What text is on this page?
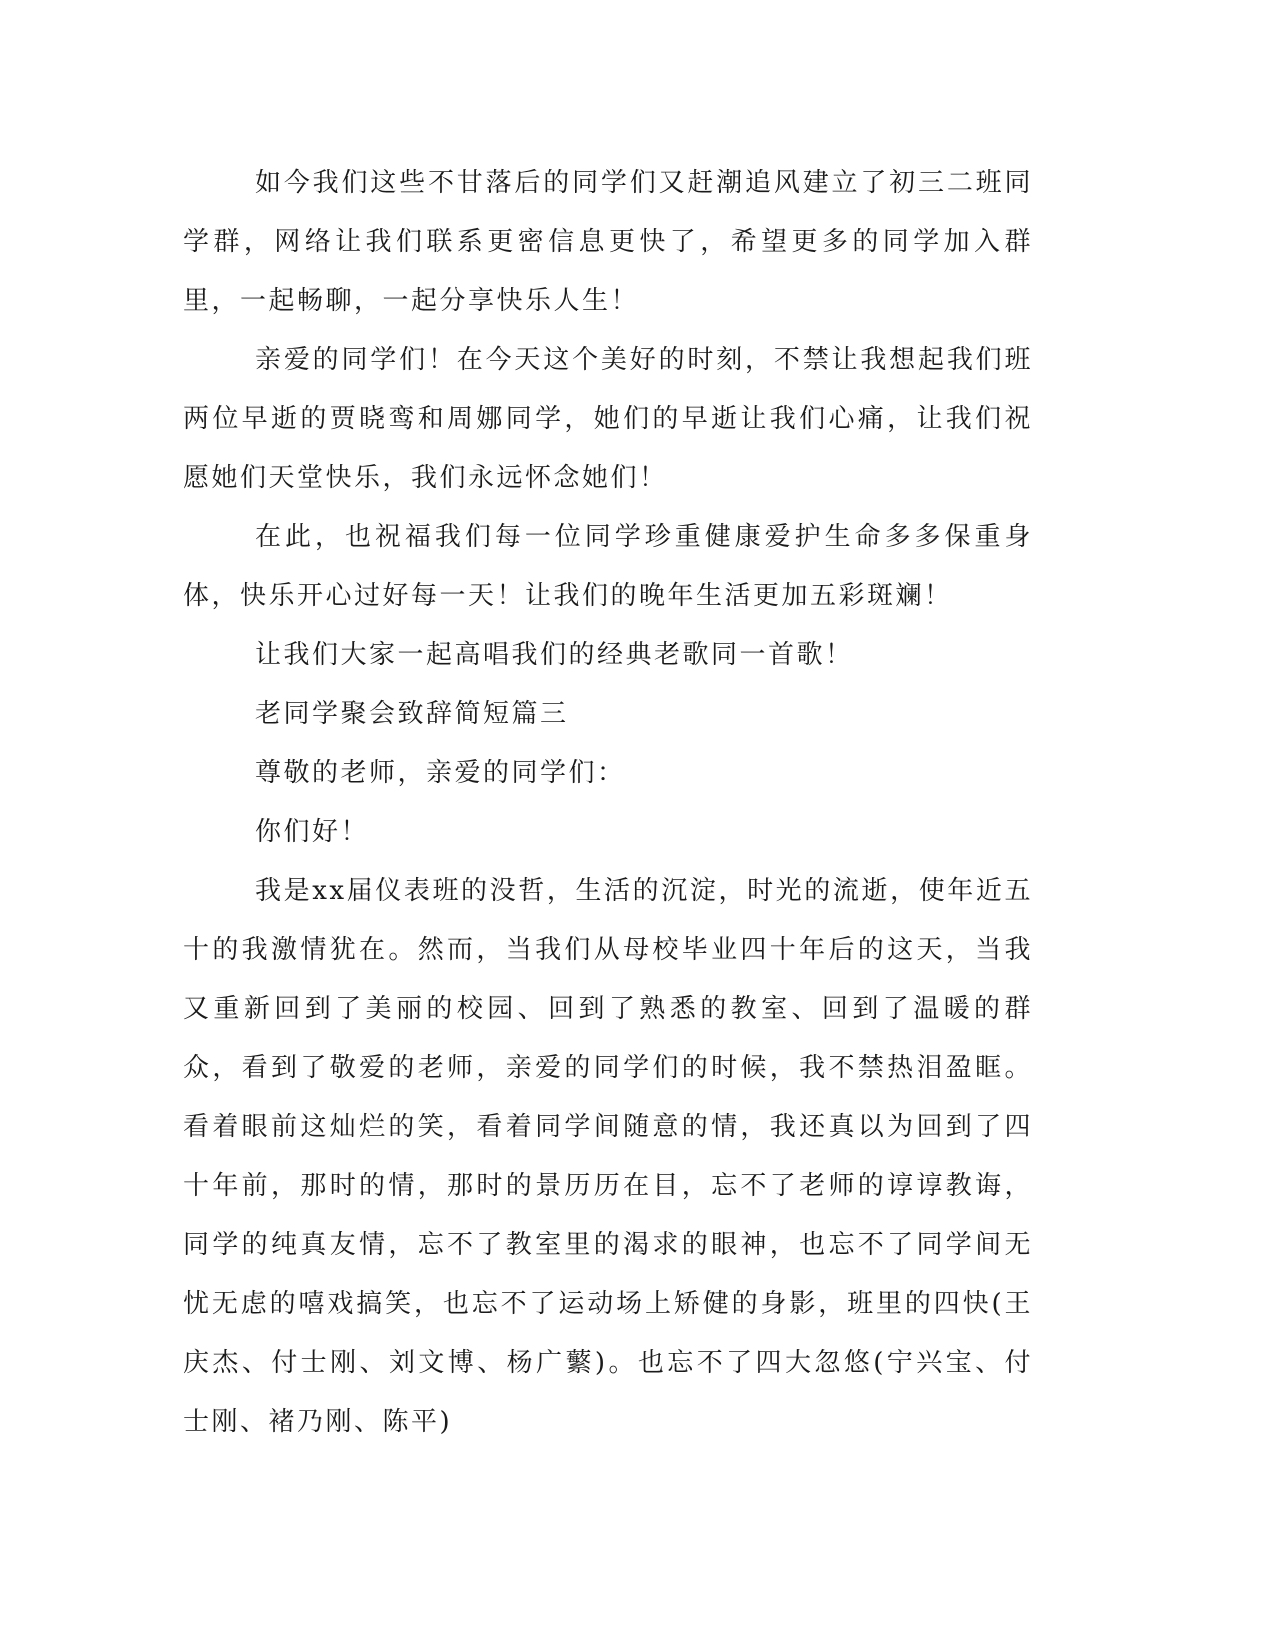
如今我们这些不甘落后的同学们又赶潮追风建立了初三二班同学群，网络让我们联系更密信息更快了，希望更多的同学加入群里，一起畅聊，一起分享快乐人生！

亲爱的同学们！在今天这个美好的时刻，不禁让我想起我们班两位早逝的贾晓鸾和周娜同学，她们的早逝让我们心痛，让我们祝愿她们天堂快乐，我们永远怀念她们！

在此，也祝福我们每一位同学珍重健康爱护生命多多保重身体，快乐开心过好每一天！让我们的晚年生活更加五彩斑斓！

让我们大家一起高唱我们的经典老歌同一首歌！

老同学聚会致辞简短篇三

尊敬的老师，亲爱的同学们：

你们好！

我是xx届仪表班的没哲，生活的沉淀，时光的流逝，使年近五十的我激情犹在。然而，当我们从母校毕业四十年后的这天，当我又重新回到了美丽的校园、回到了熟悉的教室、回到了温暖的群众，看到了敬爱的老师，亲爱的同学们的时候，我不禁热泪盈眶。看着眼前这灿烂的笑，看着同学间随意的情，我还真以为回到了四十年前，那时的情，那时的景历历在目，忘不了老师的谆谆教诲，同学的纯真友情，忘不了教室里的渴求的眼神，也忘不了同学间无忧无虑的嘻戏搞笑，也忘不了运动场上矫健的身影，班里的四快(王庆杰、付士刚、刘文博、杨广蘩)。也忘不了四大忽悠(宁兴宝、付士刚、褚乃刚、陈平)
